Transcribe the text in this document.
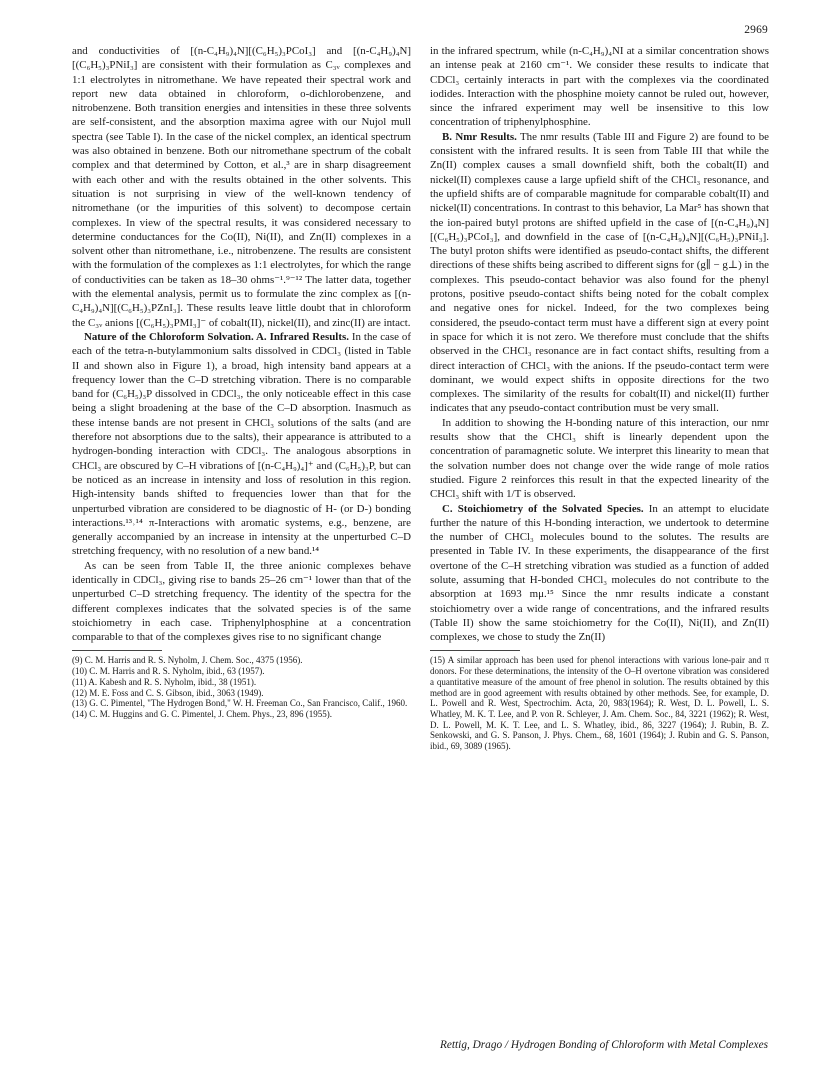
2969

and conductivities of [(n-C₄H₉)₄N][(C₆H₅)₃PCoI₃] and [(n-C₄H₉)₄N][(C₆H₅)₃PNiI₃] are consistent with their formulation as C₃ᵥ complexes and 1:1 electrolytes in nitromethane. We have repeated their spectral work and report new data obtained in chloroform, o-dichlorobenzene, and nitrobenzene. Both transition energies and intensities in these three solvents are self-consistent, and the absorption maxima agree with our Nujol mull spectra (see Table I). In the case of the nickel complex, an identical spectrum was also obtained in benzene. Both our nitromethane spectrum of the cobalt complex and that determined by Cotton, et al.,³ are in sharp disagreement with each other and with the results obtained in the other solvents. This situation is not surprising in view of the well-known tendency of nitromethane (or the impurities of this solvent) to decompose certain complexes. In view of the spectral results, it was considered necessary to determine conductances for the Co(II), Ni(II), and Zn(II) complexes in a solvent other than nitromethane, i.e., nitrobenzene. The results are consistent with the formulation of the complexes as 1:1 electrolytes, for which the range of conductivities can be taken as 18–30 ohms⁻¹.⁹⁻¹² The latter data, together with the elemental analysis, permit us to formulate the zinc complex as [(n-C₄H₉)₄N][(C₆H₅)₃PZnI₃]. These results leave little doubt that in chloroform the C₃ᵥ anions [(C₆H₅)₃PMI₃]⁻ of cobalt(II), nickel(II), and zinc(II) are intact.

Nature of the Chloroform Solvation. A. Infrared Results. In the case of each of the tetra-n-butylammonium salts dissolved in CDCl₃ (listed in Table II and shown also in Figure 1), a broad, high intensity band appears at a frequency lower than the C–D stretching vibration. There is no comparable band for (C₆H₅)₃P dissolved in CDCl₃, the only noticeable effect in this case being a slight broadening at the base of the C–D absorption. Inasmuch as these intense bands are not present in CHCl₃ solutions of the salts (and are therefore not absorptions due to the salts), their appearance is attributed to a hydrogen-bonding interaction with CDCl₃. The analogous absorptions in CHCl₃ are obscured by C–H vibrations of [(n-C₄H₉)₄]⁺ and (C₆H₅)₃P, but can be noticed as an increase in intensity and loss of resolution in this region. High-intensity bands shifted to frequencies lower than that for the unperturbed vibration are considered to be diagnostic of H- (or D-) bonding interactions.¹³˒¹⁴ π-Interactions with aromatic systems, e.g., benzene, are generally accompanied by an increase in intensity at the unperturbed C–D stretching frequency, with no resolution of a new band.¹⁴

As can be seen from Table II, the three anionic complexes behave identically in CDCl₃, giving rise to bands 25–26 cm⁻¹ lower than that of the unperturbed C–D stretching frequency. The identity of the spectra for the different complexes indicates that the solvated species is of the same stoichiometry in each case. Triphenylphosphine at a concentration comparable to that of the complexes gives rise to no significant change

(9) C. M. Harris and R. S. Nyholm, J. Chem. Soc., 4375 (1956).

(10) C. M. Harris and R. S. Nyholm, ibid., 63 (1957).

(11) A. Kabesh and R. S. Nyholm, ibid., 38 (1951).

(12) M. E. Foss and C. S. Gibson, ibid., 3063 (1949).

(13) G. C. Pimentel, "The Hydrogen Bond," W. H. Freeman Co., San Francisco, Calif., 1960.

(14) C. M. Huggins and G. C. Pimentel, J. Chem. Phys., 23, 896 (1955).

in the infrared spectrum, while (n-C₄H₉)₄NI at a similar concentration shows an intense peak at 2160 cm⁻¹. We consider these results to indicate that CDCl₃ certainly interacts in part with the complexes via the coordinated iodides. Interaction with the phosphine moiety cannot be ruled out, however, since the infrared experiment may well be insensitive to this low concentration of triphenylphosphine.

B. Nmr Results. The nmr results (Table III and Figure 2) are found to be consistent with the infrared results. It is seen from Table III that while the Zn(II) complex causes a small downfield shift, both the cobalt(II) and nickel(II) complexes cause a large upfield shift of the CHCl₃ resonance, and the upfield shifts are of comparable magnitude for comparable cobalt(II) and nickel(II) concentrations. In contrast to this behavior, La Mar⁵ has shown that the ion-paired butyl protons are shifted upfield in the case of [(n-C₄H₉)₄N][(C₆H₅)₃PCoI₃], and downfield in the case of [(n-C₄H₉)₄N][(C₆H₅)₃PNiI₃]. The butyl proton shifts were identified as pseudo-contact shifts, the different directions of these shifts being ascribed to different signs for (g∥ − g⊥) in the complexes. This pseudo-contact behavior was also found for the phenyl protons, positive pseudo-contact shifts being noted for the cobalt complex and negative ones for nickel. Indeed, for the two complexes being considered, the pseudo-contact term must have a different sign at every point in space for which it is not zero. We therefore must conclude that the shifts observed in the CHCl₃ resonance are in fact contact shifts, resulting from a direct interaction of CHCl₃ with the anions. If the pseudo-contact term were dominant, we would expect shifts in opposite directions for the two complexes. The similarity of the results for cobalt(II) and nickel(II) further indicates that any pseudo-contact contribution must be very small.

In addition to showing the H-bonding nature of this interaction, our nmr results show that the CHCl₃ shift is linearly dependent upon the concentration of paramagnetic solute. We interpret this linearity to mean that the solvation number does not change over the wide range of mole ratios studied. Figure 2 reinforces this result in that the expected linearity of the CHCl₃ shift with 1/T is observed.

C. Stoichiometry of the Solvated Species. In an attempt to elucidate further the nature of this H-bonding interaction, we undertook to determine the number of CHCl₃ molecules bound to the solutes. The results are presented in Table IV. In these experiments, the disappearance of the first overtone of the C–H stretching vibration was studied as a function of added solute, assuming that H-bonded CHCl₃ molecules do not contribute to the absorption at 1693 mμ.¹⁵ Since the nmr results indicate a constant stoichiometry over a wide range of concentrations, and the infrared results (Table II) show the same stoichiometry for the Co(II), Ni(II), and Zn(II) complexes, we chose to study the Zn(II)

(15) A similar approach has been used for phenol interactions with various lone-pair and π donors. For these determinations, the intensity of the O–H overtone vibration was considered a quantitative measure of the amount of free phenol in solution. The results obtained by this method are in good agreement with results obtained by other methods. See, for example, D. L. Powell and R. West, Spectrochim. Acta, 20, 983(1964); R. West, D. L. Powell, L. S. Whatley, M. K. T. Lee, and P. von R. Schleyer, J. Am. Chem. Soc., 84, 3221 (1962); R. West, D. L. Powell, M. K. T. Lee, and L. S. Whatley, ibid., 86, 3227 (1964); J. Rubin, B. Z. Senkowski, and G. S. Panson, J. Phys. Chem., 68, 1601 (1964); J. Rubin and G. S. Panson, ibid., 69, 3089 (1965).

Rettig, Drago / Hydrogen Bonding of Chloroform with Metal Complexes
